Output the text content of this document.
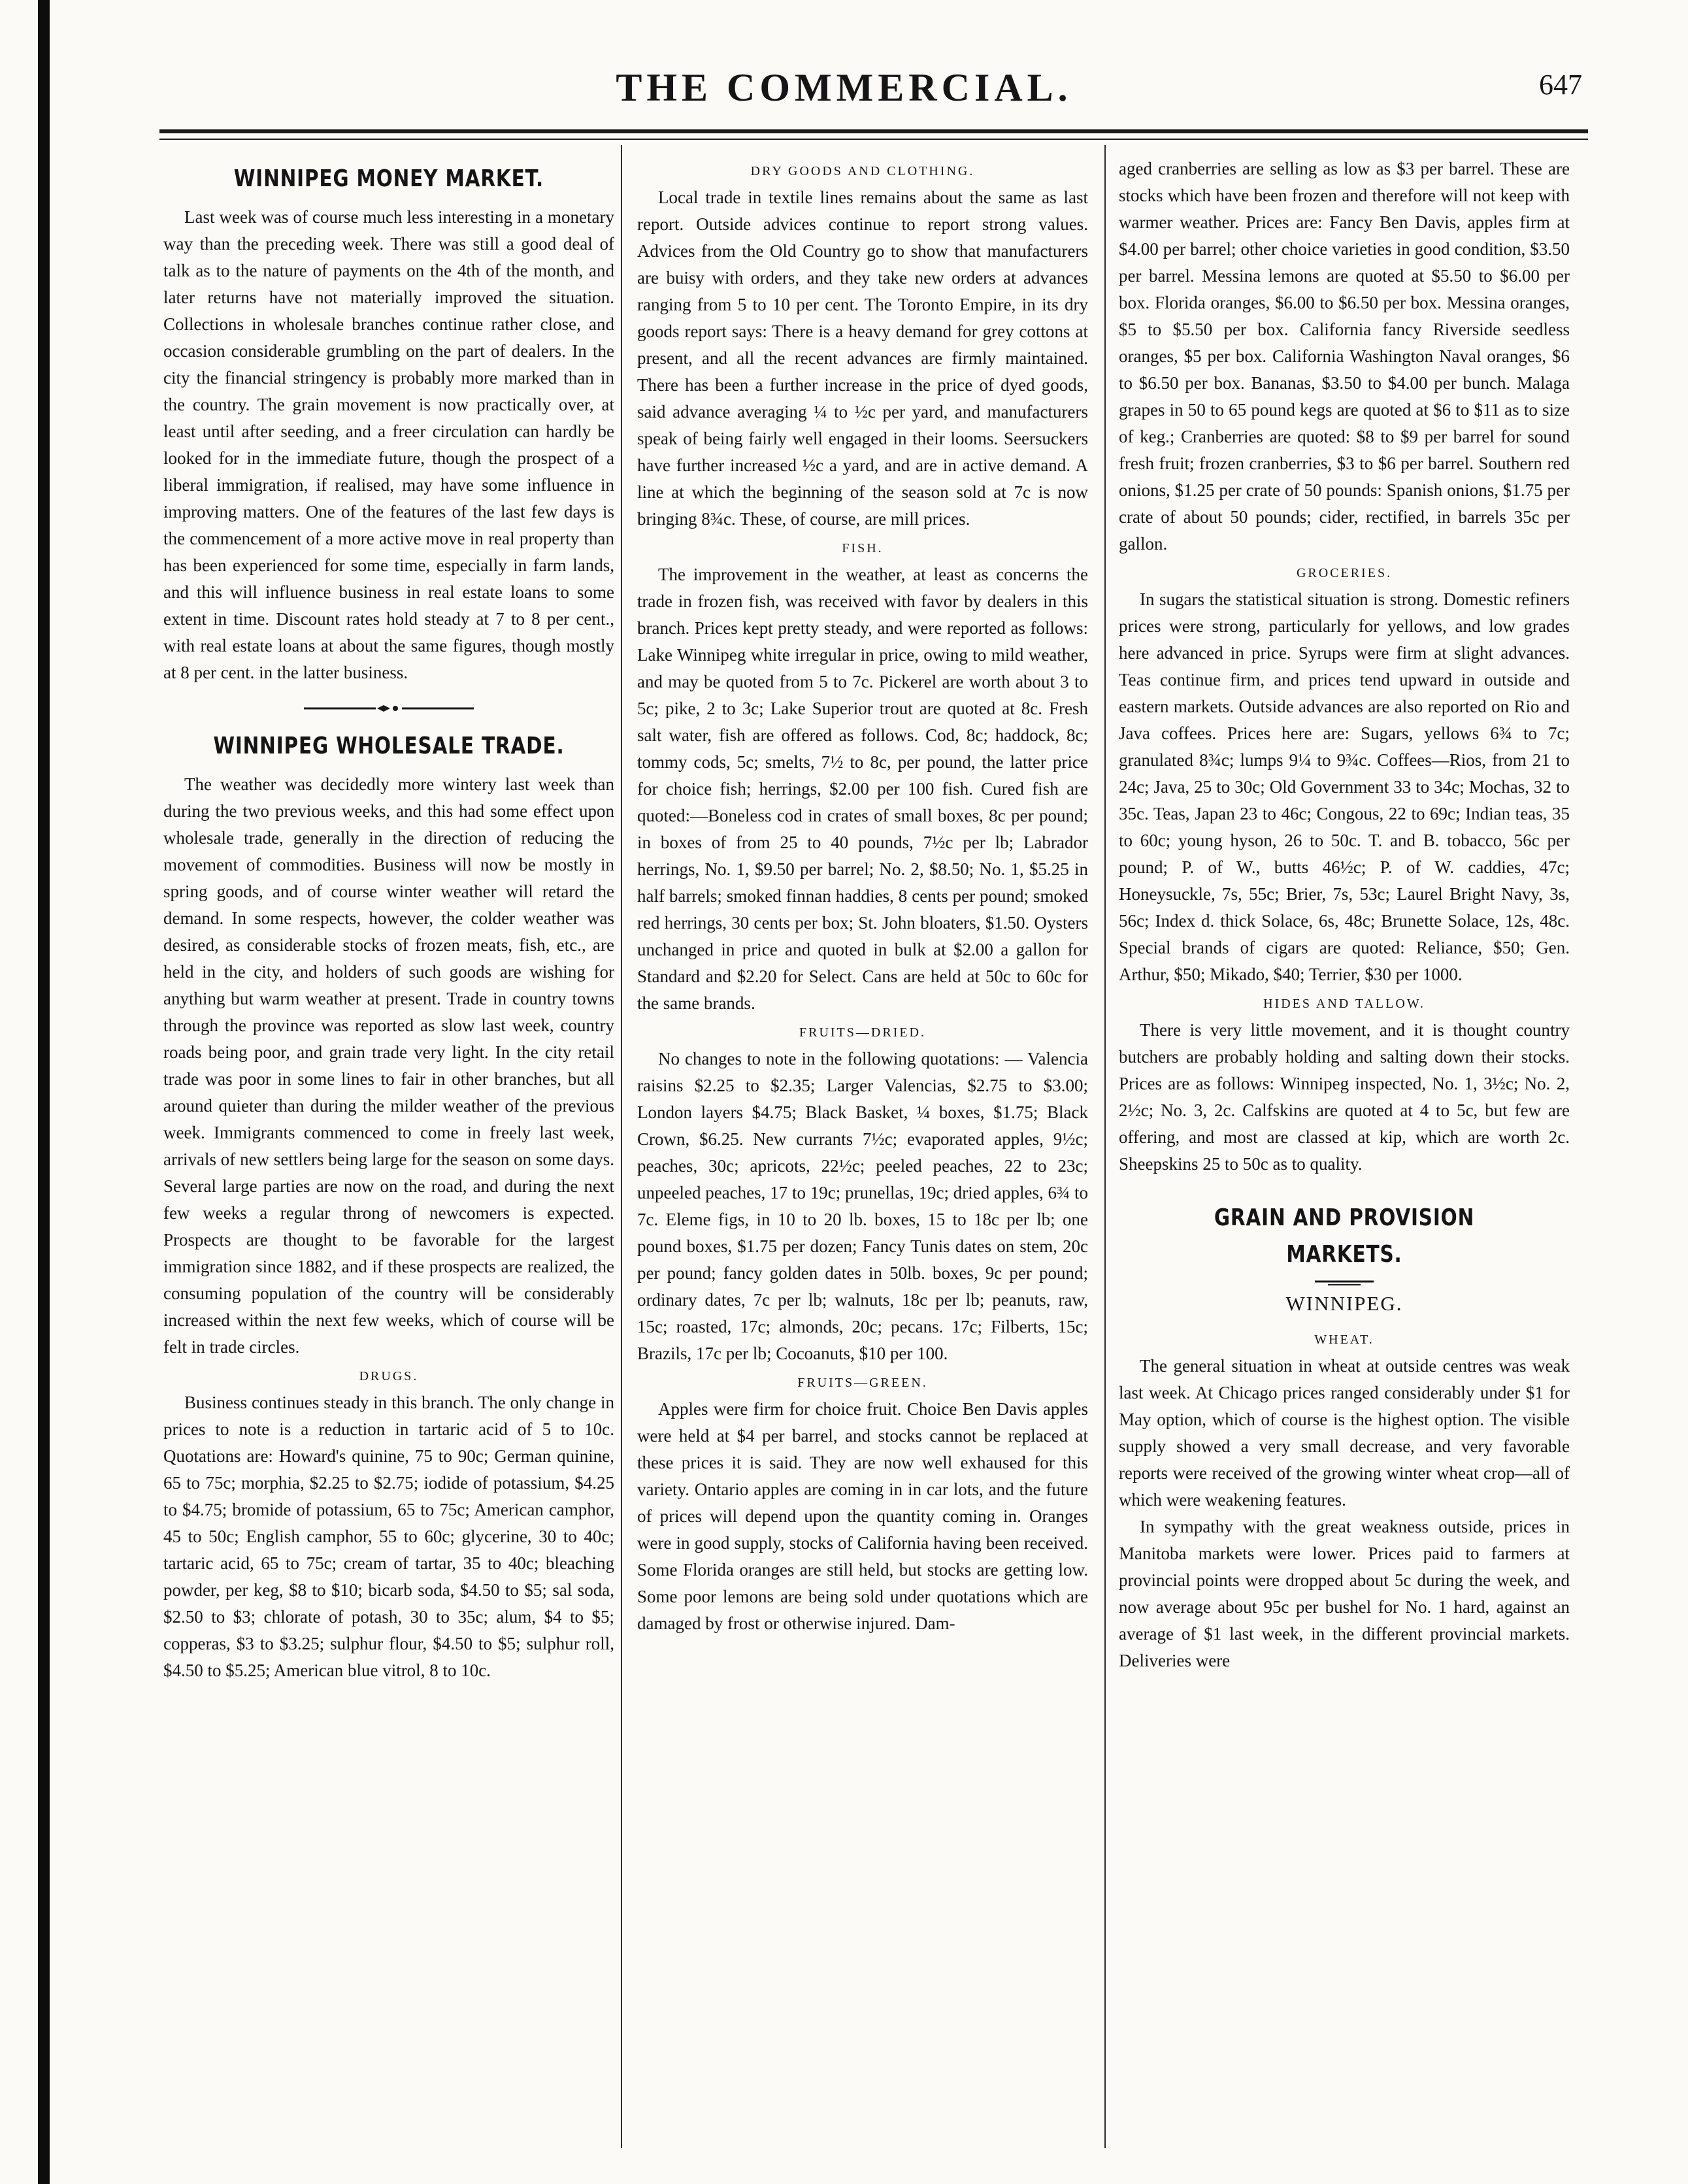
THE COMMERCIAL.	647
WINNIPEG MONEY MARKET.

Last week was of course much less interesting in a monetary way than the preceding week. There was still a good deal of talk as to the nature of payments on the 4th of the month, and later returns have not materially improved the situation. Collections in wholesale branches continue rather close, and occasion considerable grumbling on the part of dealers. In the city the financial stringency is probably more marked than in the country. The grain movement is now practically over, at least until after seeding, and a freer circulation can hardly be looked for in the immediate future, though the prospect of a liberal immigration, if realised, may have some influence in improving matters. One of the features of the last few days is the commencement of a more active move in real property than has been experienced for some time, especially in farm lands, and this will influence business in real estate loans to some extent in time. Discount rates hold steady at 7 to 8 per cent., with real estate loans at about the same figures, though mostly at 8 per cent. in the latter business.

WINNIPEG WHOLESALE TRADE.

The weather was decidedly more wintery last week than during the two previous weeks, and this had some effect upon wholesale trade, generally in the direction of reducing the movement of commodities. Business will now be mostly in spring goods, and of course winter weather will retard the demand. In some respects, however, the colder weather was desired, as considerable stocks of frozen meats, fish, etc., are held in the city, and holders of such goods are wishing for anything but warm weather at present. Trade in country towns through the province was reported as slow last week, country roads being poor, and grain trade very light. In the city retail trade was poor in some lines to fair in other branches, but all around quieter than during the milder weather of the previous week. Immigrants commenced to come in freely last week, arrivals of new settlers being large for the season on some days. Several large parties are now on the road, and during the next few weeks a regular throng of newcomers is expected. Prospects are thought to be favorable for the largest immigration since 1882, and if these prospects are realized, the consuming population of the country will be considerably increased within the next few weeks, which of course will be felt in trade circles.

DRUGS.

Business continues steady in this branch. The only change in prices to note is a reduction in tartaric acid of 5 to 10c. Quotations are: Howard's quinine, 75 to 90c; German quinine, 65 to 75c; morphia, $2.25 to $2.75; iodide of potassium, $4.25 to $4.75; bromide of potassium, 65 to 75c; American camphor, 45 to 50c; English camphor, 55 to 60c; glycerine, 30 to 40c; tartaric acid, 65 to 75c; cream of tartar, 35 to 40c; bleaching powder, per keg, $8 to $10; bicarb soda, $4.50 to $5; sal soda, $2.50 to $3; chlorate of potash, 30 to 35c; alum, $4 to $5; copperas, $3 to $3.25; sulphur flour, $4.50 to $5; sulphur roll, $4.50 to $5.25; American blue vitrol, 8 to 10c.

DRY GOODS AND CLOTHING.

Local trade in textile lines remains about the same as last report. Outside advices continue to report strong values. Advices from the Old Country go to show that manufacturers are buisy with orders, and they take new orders at advances ranging from 5 to 10 per cent. The Toronto Empire, in its dry goods report says: There is a heavy demand for grey cottons at present, and all the recent advances are firmly maintained. There has been a further increase in the price of dyed goods, said advance averaging ¼ to ½c per yard, and manufacturers speak of being fairly well engaged in their looms. Seersuckers have further increased ½c a yard, and are in active demand. A line at which the beginning of the season sold at 7c is now bringing 8¾c. These, of course, are mill prices.

FISH.

The improvement in the weather, at least as concerns the trade in frozen fish, was received with favor by dealers in this branch. Prices kept pretty steady, and were reported as follows: Lake Winnipeg white irregular in price, owing to mild weather, and may be quoted from 5 to 7c. Pickerel are worth about 3 to 5c; pike, 2 to 3c; Lake Superior trout are quoted at 8c. Fresh salt water, fish are offered as follows. Cod, 8c; haddock, 8c; tommy cods, 5c; smelts, 7½ to 8c, per pound, the latter price for choice fish; herrings, $2.00 per 100 fish. Cured fish are quoted:—Boneless cod in crates of small boxes, 8c per pound; in boxes of from 25 to 40 pounds, 7½c per lb; Labrador herrings, No. 1, $9.50 per barrel; No. 2, $8.50; No. 1, $5.25 in half barrels; smoked finnan haddies, 8 cents per pound; smoked red herrings, 30 cents per box; St. John bloaters, $1.50. Oysters unchanged in price and quoted in bulk at $2.00 a gallon for Standard and $2.20 for Select. Cans are held at 50c to 60c for the same brands.

FRUITS—DRIED.

No changes to note in the following quotations: — Valencia raisins $2.25 to $2.35; Larger Valencias, $2.75 to $3.00; London layers $4.75; Black Basket, ¼ boxes, $1.75; Black Crown, $6.25. New currants 7½c; evaporated apples, 9½c; peaches, 30c; apricots, 22½c; peeled peaches, 22 to 23c; unpeeled peaches, 17 to 19c; prunellas, 19c; dried apples, 6¾ to 7c. Eleme figs, in 10 to 20 lb. boxes, 15 to 18c per lb; one pound boxes, $1.75 per dozen; Fancy Tunis dates on stem, 20c per pound; fancy golden dates in 50lb. boxes, 9c per pound; ordinary dates, 7c per lb; walnuts, 18c per lb; peanuts, raw, 15c; roasted, 17c; almonds, 20c; pecans. 17c; Filberts, 15c; Brazils, 17c per lb; Cocoanuts, $10 per 100.

FRUITS—GREEN.

Apples were firm for choice fruit. Choice Ben Davis apples were held at $4 per barrel, and stocks cannot be replaced at these prices it is said. They are now well exhaused for this variety. Ontario apples are coming in in car lots, and the future of prices will depend upon the quantity coming in. Oranges were in good supply, stocks of California having been received. Some Florida oranges are still held, but stocks are getting low. Some poor lemons are being sold under quotations which are damaged by frost or otherwise injured. Dam-

aged cranberries are selling as low as $3 per barrel. These are stocks which have been frozen and therefore will not keep with warmer weather. Prices are: Fancy Ben Davis, apples firm at $4.00 per barrel; other choice varieties in good condition, $3.50 per barrel. Messina lemons are quoted at $5.50 to $6.00 per box. Florida oranges, $6.00 to $6.50 per box. Messina oranges, $5 to $5.50 per box. California fancy Riverside seedless oranges, $5 per box. California Washington Naval oranges, $6 to $6.50 per box. Bananas, $3.50 to $4.00 per bunch. Malaga grapes in 50 to 65 pound kegs are quoted at $6 to $11 as to size of keg.; Cranberries are quoted: $8 to $9 per barrel for sound fresh fruit; frozen cranberries, $3 to $6 per barrel. Southern red onions, $1.25 per crate of 50 pounds: Spanish onions, $1.75 per crate of about 50 pounds; cider, rectified, in barrels 35c per gallon.

GROCERIES.

In sugars the statistical situation is strong. Domestic refiners prices were strong, particularly for yellows, and low grades here advanced in price. Syrups were firm at slight advances. Teas continue firm, and prices tend upward in outside and eastern markets. Outside advances are also reported on Rio and Java coffees. Prices here are: Sugars, yellows 6¾ to 7c; granulated 8¾c; lumps 9¼ to 9¾c. Coffees—Rios, from 21 to 24c; Java, 25 to 30c; Old Government 33 to 34c; Mochas, 32 to 35c. Teas, Japan 23 to 46c; Congous, 22 to 69c; Indian teas, 35 to 60c; young hyson, 26 to 50c. T. and B. tobacco, 56c per pound; P. of W., butts 46½c; P. of W. caddies, 47c; Honeysuckle, 7s, 55c; Brier, 7s, 53c; Laurel Bright Navy, 3s, 56c; Index d. thick Solace, 6s, 48c; Brunette Solace, 12s, 48c. Special brands of cigars are quoted: Reliance, $50; Gen. Arthur, $50; Mikado, $40; Terrier, $30 per 1000.

HIDES AND TALLOW.

There is very little movement, and it is thought country butchers are probably holding and salting down their stocks. Prices are as follows: Winnipeg inspected, No. 1, 3½c; No. 2, 2½c; No. 3, 2c. Calfskins are quoted at 4 to 5c, but few are offering, and most are classed at kip, which are worth 2c. Sheepskins 25 to 50c as to quality.

GRAIN AND PROVISION MARKETS.
WINNIPEG.
WHEAT.

The general situation in wheat at outside centres was weak last week. At Chicago prices ranged considerably under $1 for May option, which of course is the highest option. The visible supply showed a very small decrease, and very favorable reports were received of the growing winter wheat crop—all of which were weakening features.

In sympathy with the great weakness outside, prices in Manitoba markets were lower. Prices paid to farmers at provincial points were dropped about 5c during the week, and now average about 95c per bushel for No. 1 hard, against an average of $1 last week, in the different provincial markets. Deliveries were
